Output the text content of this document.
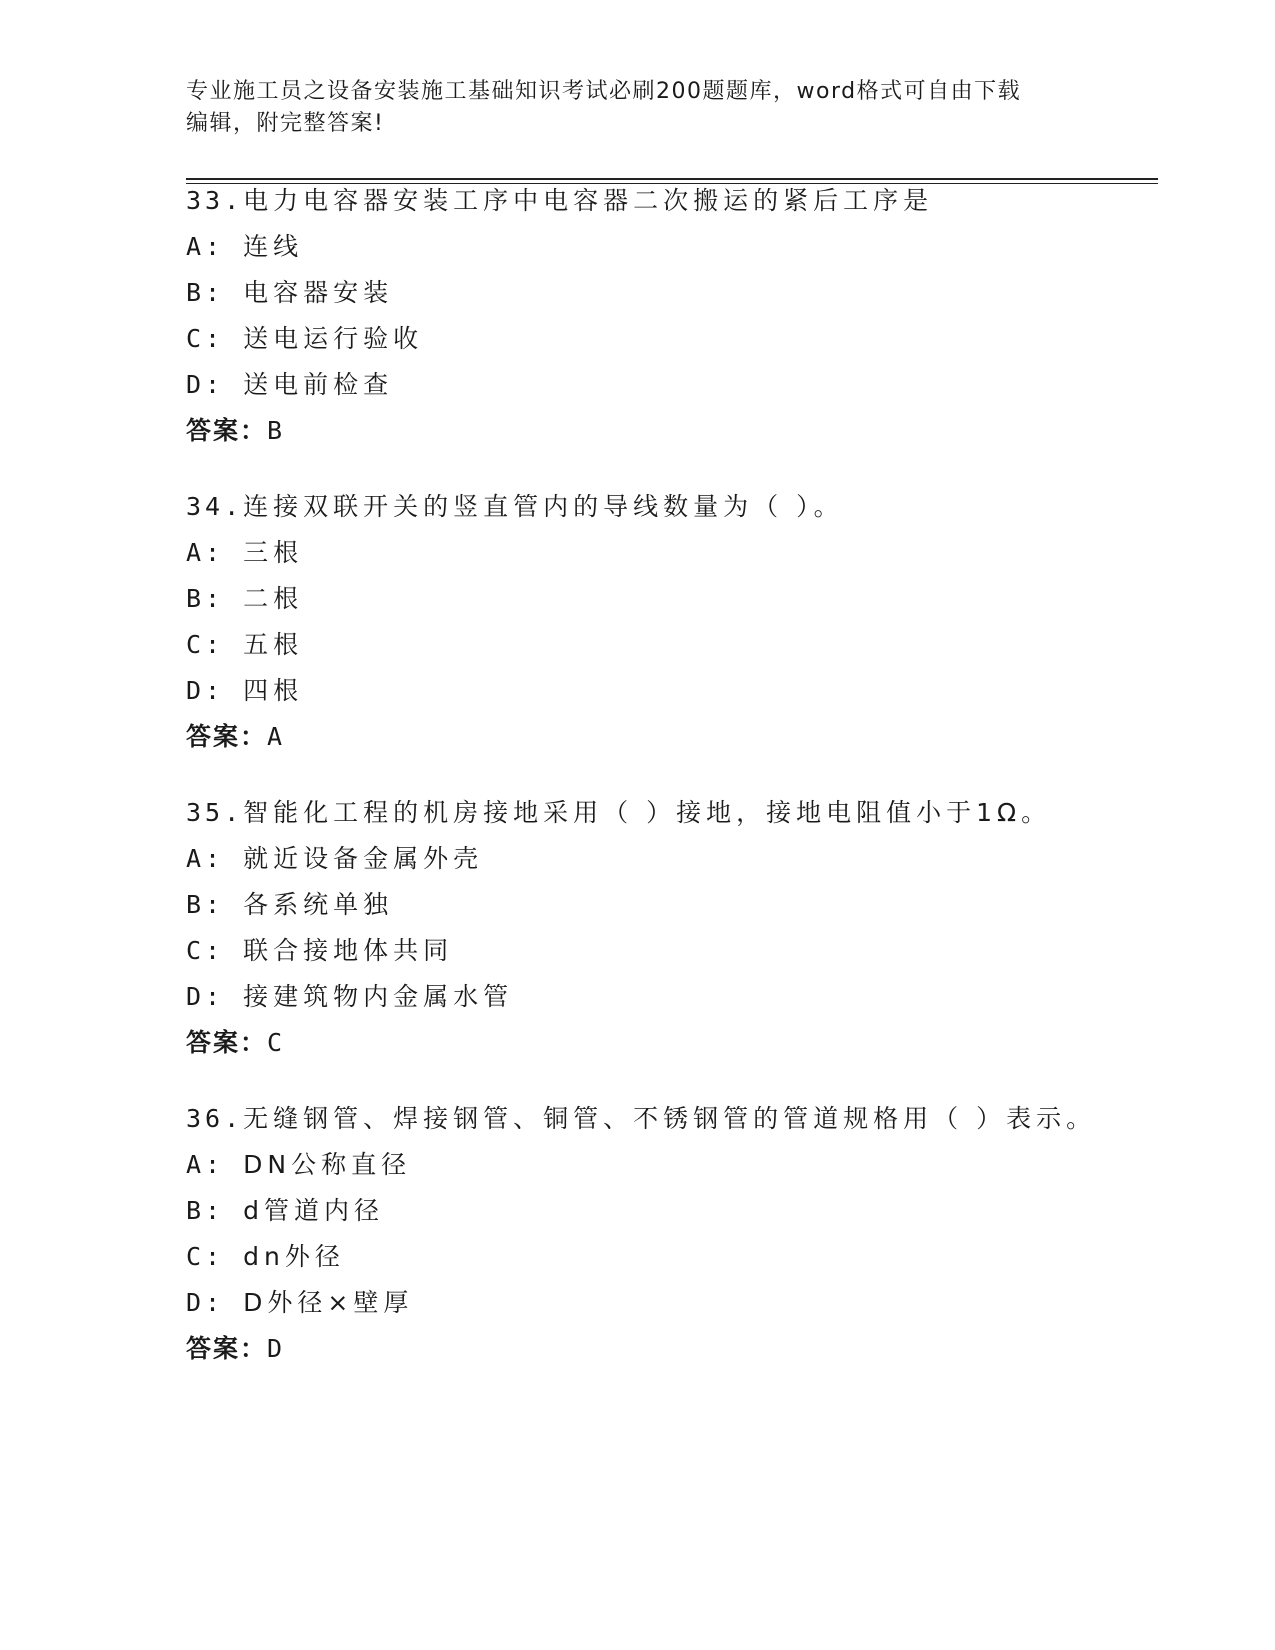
专业施工员之设备安装施工基础知识考试必刷200题题库，word格式可自由下载
编辑，附完整答案!
33.电力电容器安装工序中电容器二次搬运的紧后工序是
A: 连线
B: 电容器安装
C: 送电运行验收
D: 送电前检查
答案：B
34.连接双联开关的竖直管内的导线数量为（ ）。
A: 三根
B: 二根
C: 五根
D: 四根
答案：A
35.智能化工程的机房接地采用（ ）接地，接地电阻值小于1Ω。
A: 就近设备金属外壳
B: 各系统单独
C: 联合接地体共同
D: 接建筑物内金属水管
答案：C
36.无缝钢管、焊接钢管、铜管、不锈钢管的管道规格用（ ）表示。
A: DN公称直径
B: d管道内径
C: dn外径
D: D外径×壁厚
答案：D
